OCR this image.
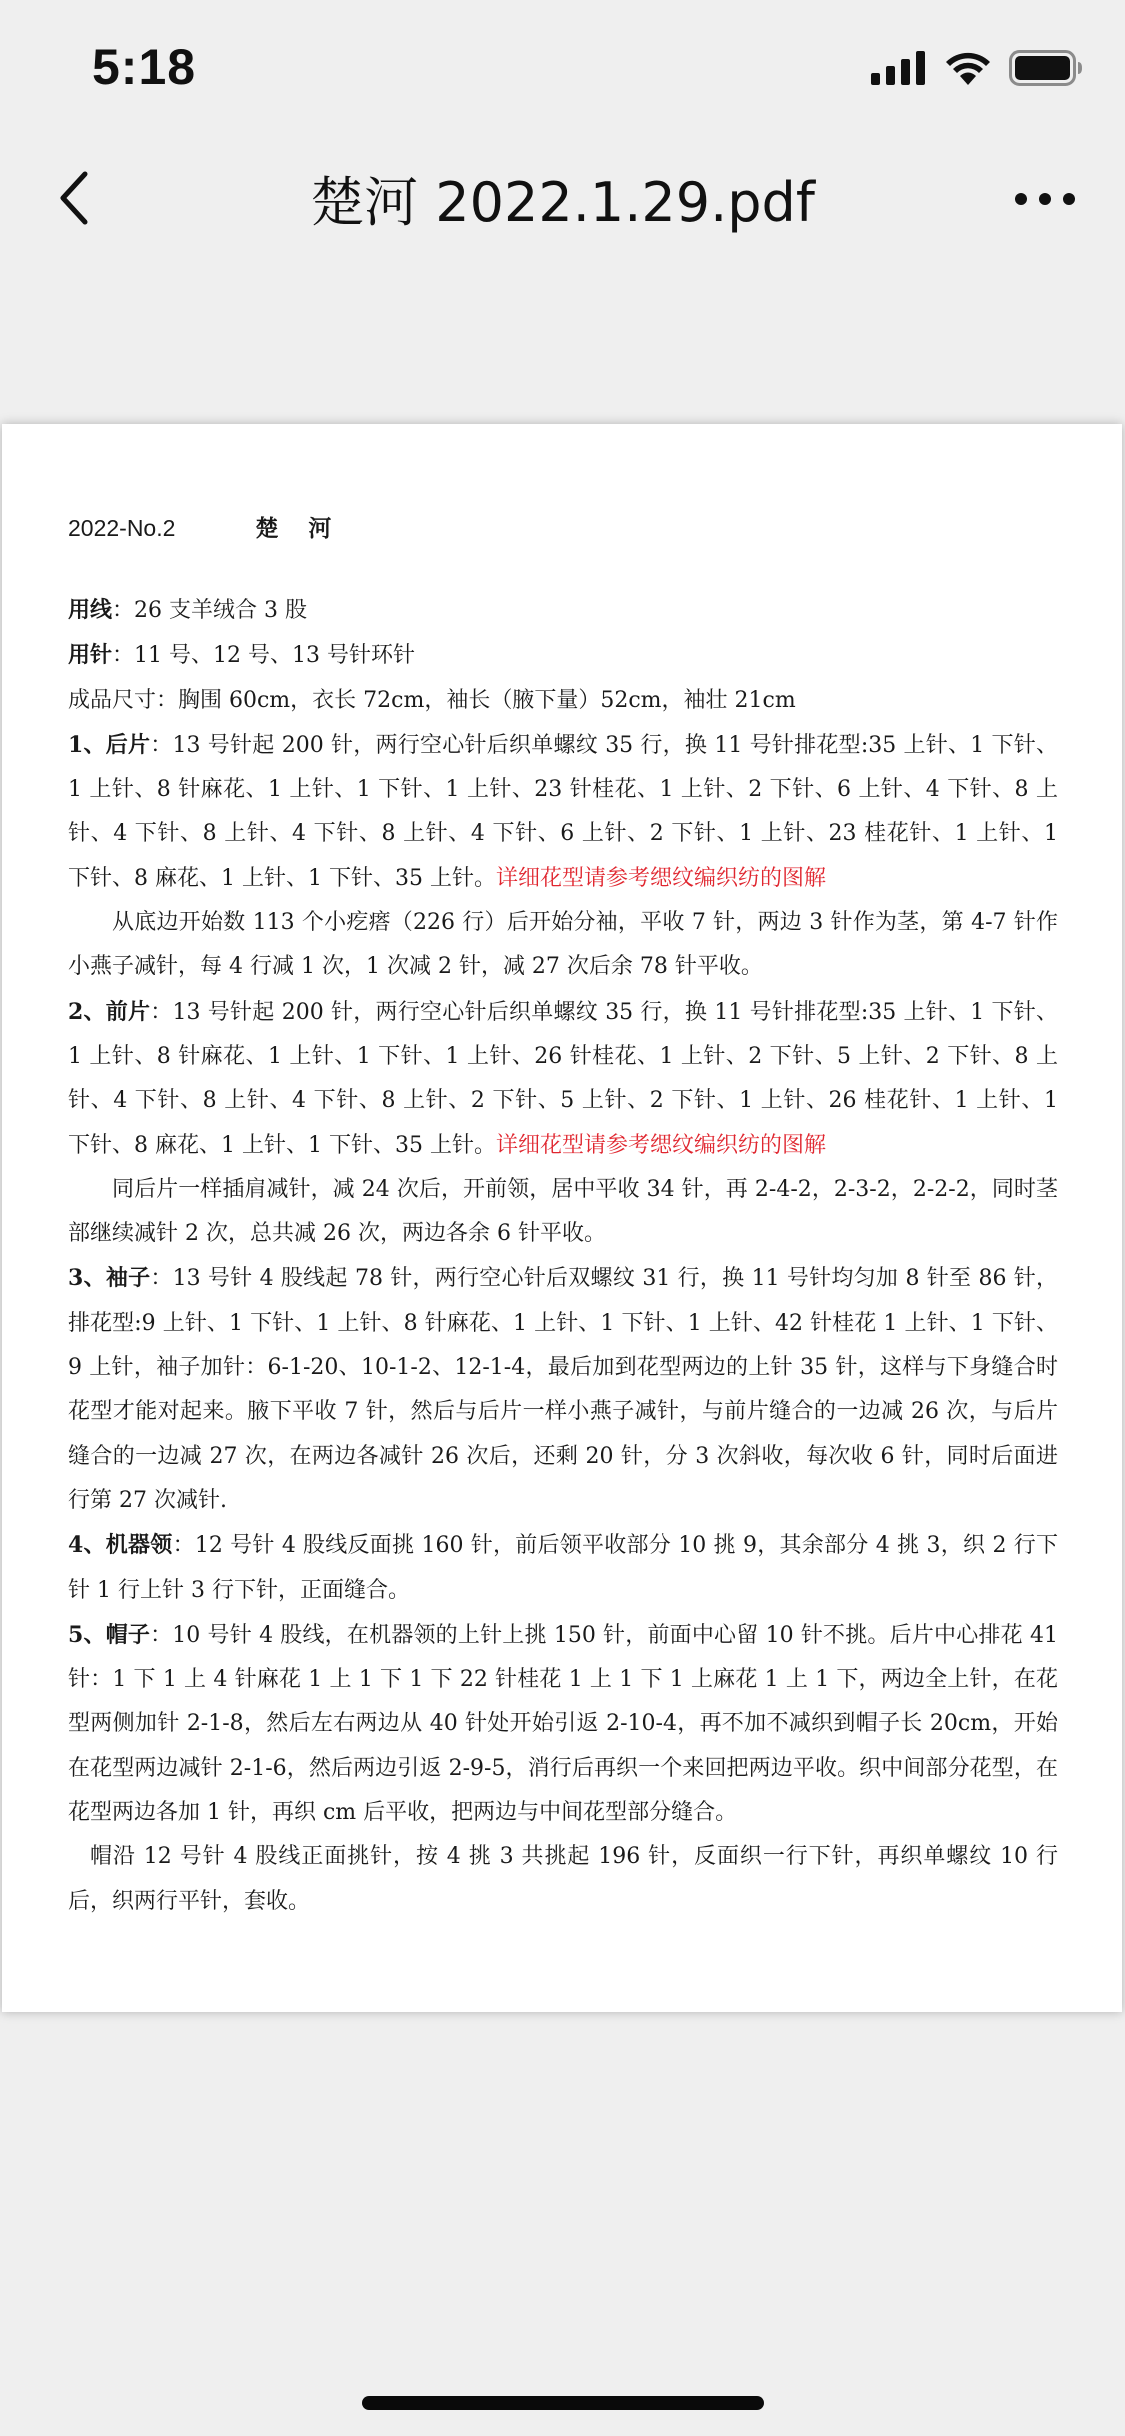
5:18
楚河 2022.1.29.pdf
2022-No.2	楚河
用线：26 支羊绒合 3 股
用针：11 号、12 号、13 号针环针
成品尺寸：胸围 60cm，衣长 72cm，袖长（腋下量）52cm，袖壮 21cm
1、后片：13 号针起 200 针，两行空心针后织单螺纹 35 行，换 11 号针排花型:35 上针、1 下针、1 上针、8 针麻花、1 上针、1 下针、1 上针、23 针桂花、1 上针、2 下针、6 上针、4 下针、8 上针、4 下针、8 上针、4 下针、8 上针、4 下针、6 上针、2 下针、1 上针、23 桂花针、1 上针、1 下针、8 麻花、1 上针、1 下针、35 上针。详细花型请参考缌纹编织纺的图解
从底边开始数 113 个小疙瘩（226 行）后开始分袖，平收 7 针，两边 3 针作为茎，第 4-7 针作小燕子减针，每 4 行减 1 次，1 次减 2 针，减 27 次后余 78 针平收。
2、前片：13 号针起 200 针，两行空心针后织单螺纹 35 行，换 11 号针排花型:35 上针、1 下针、1 上针、8 针麻花、1 上针、1 下针、1 上针、26 针桂花、1 上针、2 下针、5 上针、2 下针、8 上针、4 下针、8 上针、4 下针、8 上针、2 下针、5 上针、2 下针、1 上针、26 桂花针、1 上针、1 下针、8 麻花、1 上针、1 下针、35 上针。详细花型请参考缌纹编织纺的图解
同后片一样插肩减针，减 24 次后，开前领，居中平收 34 针，再 2-4-2，2-3-2，2-2-2，同时茎部继续减针 2 次，总共减 26 次，两边各余 6 针平收。
3、袖子：13 号针 4 股线起 78 针，两行空心针后双螺纹 31 行，换 11 号针均匀加 8 针至 86 针，排花型:9 上针、1 下针、1 上针、8 针麻花、1 上针、1 下针、1 上针、42 针桂花 1 上针、1 下针、9 上针，袖子加针：6-1-20、10-1-2、12-1-4，最后加到花型两边的上针 35 针，这样与下身缝合时花型才能对起来。腋下平收 7 针，然后与后片一样小燕子减针，与前片缝合的一边减 26 次，与后片缝合的一边减 27 次，在两边各减针 26 次后，还剩 20 针，分 3 次斜收，每次收 6 针，同时后面进行第 27 次减针.
4、机器领：12 号针 4 股线反面挑 160 针，前后领平收部分 10 挑 9，其余部分 4 挑 3，织 2 行下针 1 行上针 3 行下针，正面缝合。
5、帽子：10 号针 4 股线，在机器领的上针上挑 150 针，前面中心留 10 针不挑。后片中心排花 41 针：1 下 1 上 4 针麻花 1 上 1 下 1 下 22 针桂花 1 上 1 下 1 上麻花 1 上 1 下，两边全上针，在花型两侧加针 2-1-8，然后左右两边从 40 针处开始引返 2-10-4，再不加不减织到帽子长 20cm，开始在花型两边减针 2-1-6，然后两边引返 2-9-5，消行后再织一个来回把两边平收。织中间部分花型，在花型两边各加 1 针，再织 cm 后平收，把两边与中间花型部分缝合。
帽沿 12 号针 4 股线正面挑针，按 4 挑 3 共挑起 196 针，反面织一行下针，再织单螺纹 10 行后，织两行平针，套收。
